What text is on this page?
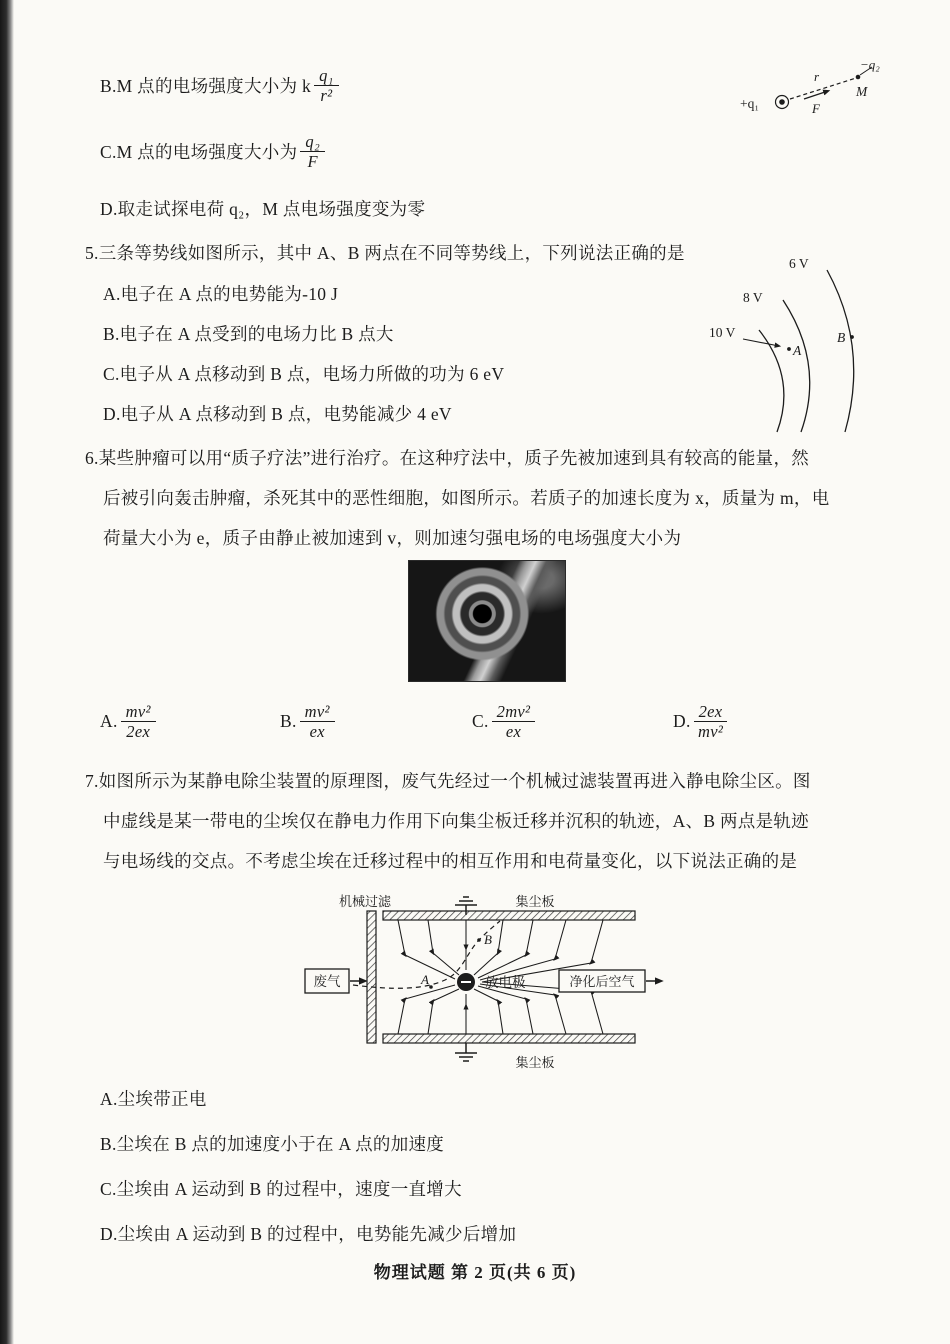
B.M 点的电场强度大小为 k $\frac{\text{q₁}}{\text{r²}}$	+q₁
r
F
−q₂
M
C.M 点的电场强度大小为 $\frac{\text{q₂}}{F}$
D.取走试探电荷 q₂，M 点电场强度变为零
5.三条等势线如图所示，其中 A、B 两点在不同等势线上，下列说法正确的是
A.电子在 A 点的电势能为-10 J
B.电子在 A 点受到的电场力比 B 点大
C.电子从 A 点移动到 B 点，电场力所做的功为 6 eV
D.电子从 A 点移动到 B 点，电势能减少 4 eV
6 V
8 V
10 V
A
B
6.某些肿瘤可以用“质子疗法”进行治疗。在这种疗法中，质子先被加速到具有较高的能量，然
后被引向轰击肿瘤，杀死其中的恶性细胞，如图所示。若质子的加速长度为 x，质量为 m，电
荷量大小为 e，质子由静止被加速到 v，则加速匀强电场的电场强度大小为
A. $\frac{\text{mv²}}{2ex}$	B. $\frac{\text{mv²}}{ex}$	C. $\frac{\text{2mv²}}{ex}$	D. $\frac{2ex}{\text{mv²}}$
7.如图所示为某静电除尘装置的原理图，废气先经过一个机械过滤装置再进入静电除尘区。图
中虚线是某一带电的尘埃仅在静电力作用下向集尘板迁移并沉积的轨迹，A、B 两点是轨迹
与电场线的交点。不考虑尘埃在迁移过程中的相互作用和电荷量变化，以下说法正确的是
机械过滤	集尘板
废气	A
B
放电极	净化后空气
集尘板
A.尘埃带正电
B.尘埃在 B 点的加速度小于在 A 点的加速度
C.尘埃由 A 运动到 B 的过程中，速度一直增大
D.尘埃由 A 运动到 B 的过程中，电势能先减少后增加
物理试题 第 2 页(共 6 页)
